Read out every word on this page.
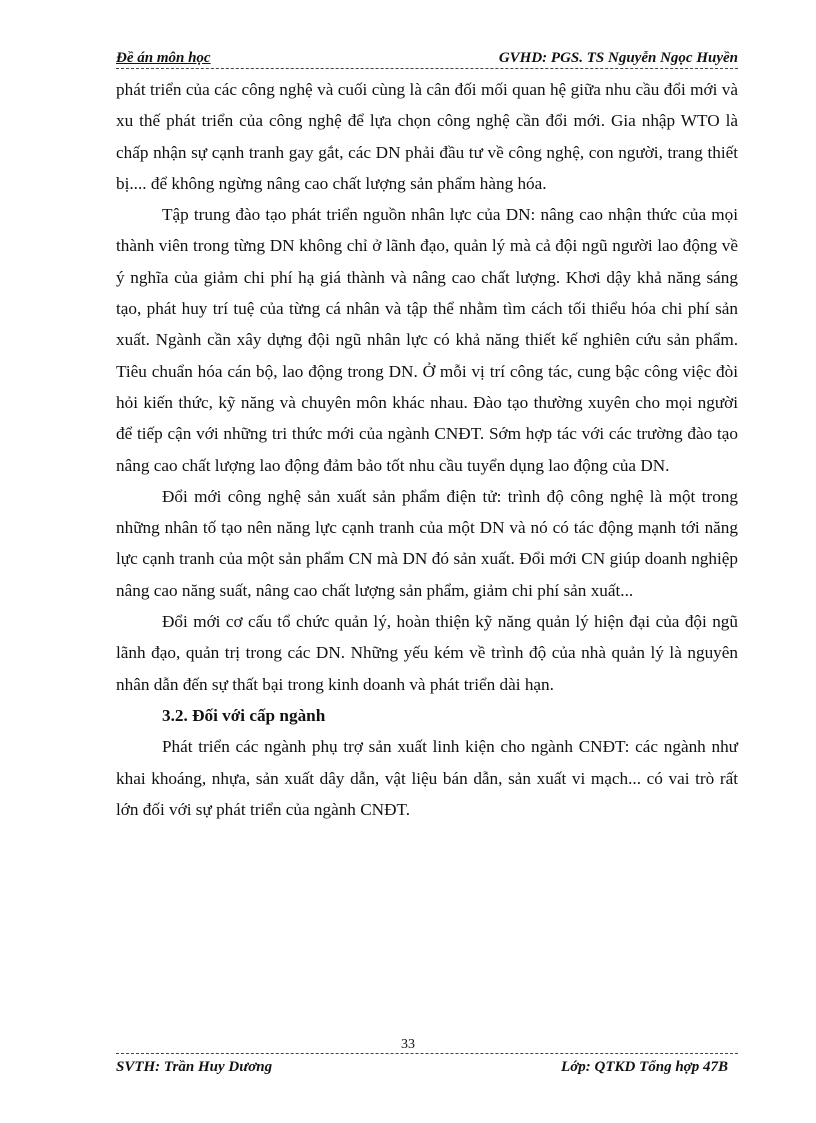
Đề án môn học	GVHD: PGS. TS Nguyễn Ngọc Huyền

phát triển của các công nghệ và cuối cùng là cân đối mối quan hệ giữa nhu cầu đổi mới và xu thế phát triển của công nghệ để lựa chọn công nghệ cần đổi mới. Gia nhập WTO là chấp nhận sự cạnh tranh gay gắt, các DN phải đầu tư về công nghệ, con người, trang thiết bị.... để không ngừng nâng cao chất lượng sản phẩm hàng hóa.

Tập trung đào tạo phát triển nguồn nhân lực của DN: nâng cao nhận thức của mọi thành viên trong từng DN không chỉ ở lãnh đạo, quản lý mà cả đội ngũ người lao động về ý nghĩa của giảm chi phí hạ giá thành và nâng cao chất lượng. Khơi dậy khả năng sáng tạo, phát huy trí tuệ của từng cá nhân và tập thể nhằm tìm cách tối thiểu hóa chi phí sản xuất. Ngành cần xây dựng đội ngũ nhân lực có khả năng thiết kế nghiên cứu sản phẩm. Tiêu chuẩn hóa cán bộ, lao động trong DN. Ở mỗi vị trí công tác, cung bậc công việc đòi hỏi kiến thức, kỹ năng và chuyên môn khác nhau. Đào tạo thường xuyên cho mọi người để tiếp cận với những tri thức mới của ngành CNĐT. Sớm hợp tác với các trường đào tạo nâng cao chất lượng lao động đảm bảo tốt nhu cầu tuyển dụng lao động của DN.

Đổi mới công nghệ sản xuất sản phẩm điện tử: trình độ công nghệ là một trong những nhân tố tạo nên năng lực cạnh tranh của một DN và nó có tác động mạnh tới năng lực cạnh tranh của một sản phẩm CN mà DN đó sản xuất. Đổi mới CN giúp doanh nghiệp nâng cao năng suất, nâng cao chất lượng sản phẩm, giảm chi phí sản xuất...

Đổi mới cơ cấu tổ chức quản lý, hoàn thiện kỹ năng quản lý hiện đại của đội ngũ lãnh đạo, quản trị trong các DN. Những yếu kém về trình độ của nhà quản lý là nguyên nhân dẫn đến sự thất bại trong kinh doanh và phát triển dài hạn.

3.2. Đối với cấp ngành

Phát triển các ngành phụ trợ sản xuất linh kiện cho ngành CNĐT: các ngành như khai khoáng, nhựa, sản xuất dây dẫn, vật liệu bán dẫn, sản xuất vi mạch... có vai trò rất lớn đối với sự phát triển của ngành CNĐT.

33
SVTH: Trần Huy Dương	Lớp: QTKD Tổng hợp 47B
